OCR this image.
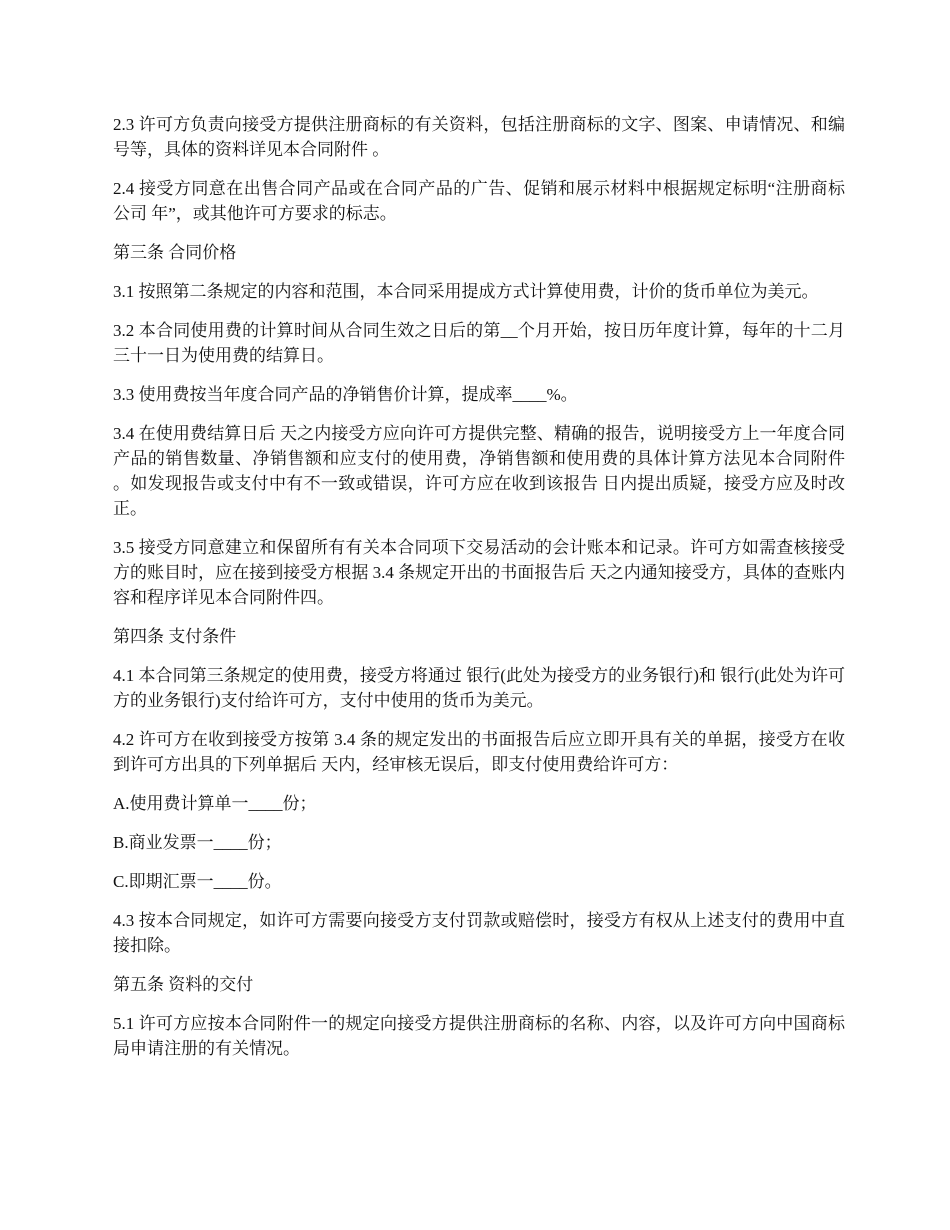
2.3 许可方负责向接受方提供注册商标的有关资料，包括注册商标的文字、图案、申请情况、和编号等，具体的资料详见本合同附件 。

2.4 接受方同意在出售合同产品或在合同产品的广告、促销和展示材料中根据规定标明“注册商标 公司 年”，或其他许可方要求的标志。

第三条 合同价格

3.1 按照第二条规定的内容和范围，本合同采用提成方式计算使用费，计价的货币单位为美元。

3.2 本合同使用费的计算时间从合同生效之日后的第__个月开始，按日历年度计算，每年的十二月三十一日为使用费的结算日。

3.3 使用费按当年度合同产品的净销售价计算，提成率____%。

3.4 在使用费结算日后 天之内接受方应向许可方提供完整、精确的报告，说明接受方上一年度合同产品的销售数量、净销售额和应支付的使用费，净销售额和使用费的具体计算方法见本合同附件 。如发现报告或支付中有不一致或错误，许可方应在收到该报告 日内提出质疑，接受方应及时改正。

3.5 接受方同意建立和保留所有有关本合同项下交易活动的会计账本和记录。许可方如需查核接受方的账目时，应在接到接受方根据 3.4 条规定开出的书面报告后 天之内通知接受方，具体的查账内容和程序详见本合同附件四。

第四条 支付条件

4.1 本合同第三条规定的使用费，接受方将通过 银行(此处为接受方的业务银行)和 银行(此处为许可方的业务银行)支付给许可方，支付中使用的货币为美元。

4.2 许可方在收到接受方按第 3.4 条的规定发出的书面报告后应立即开具有关的单据，接受方在收到许可方出具的下列单据后 天内，经审核无误后，即支付使用费给许可方：

A.使用费计算单一____份；

B.商业发票一____份；

C.即期汇票一____份。

4.3 按本合同规定，如许可方需要向接受方支付罚款或赔偿时，接受方有权从上述支付的费用中直接扣除。

第五条 资料的交付

5.1 许可方应按本合同附件一的规定向接受方提供注册商标的名称、内容，以及许可方向中国商标局申请注册的有关情况。
